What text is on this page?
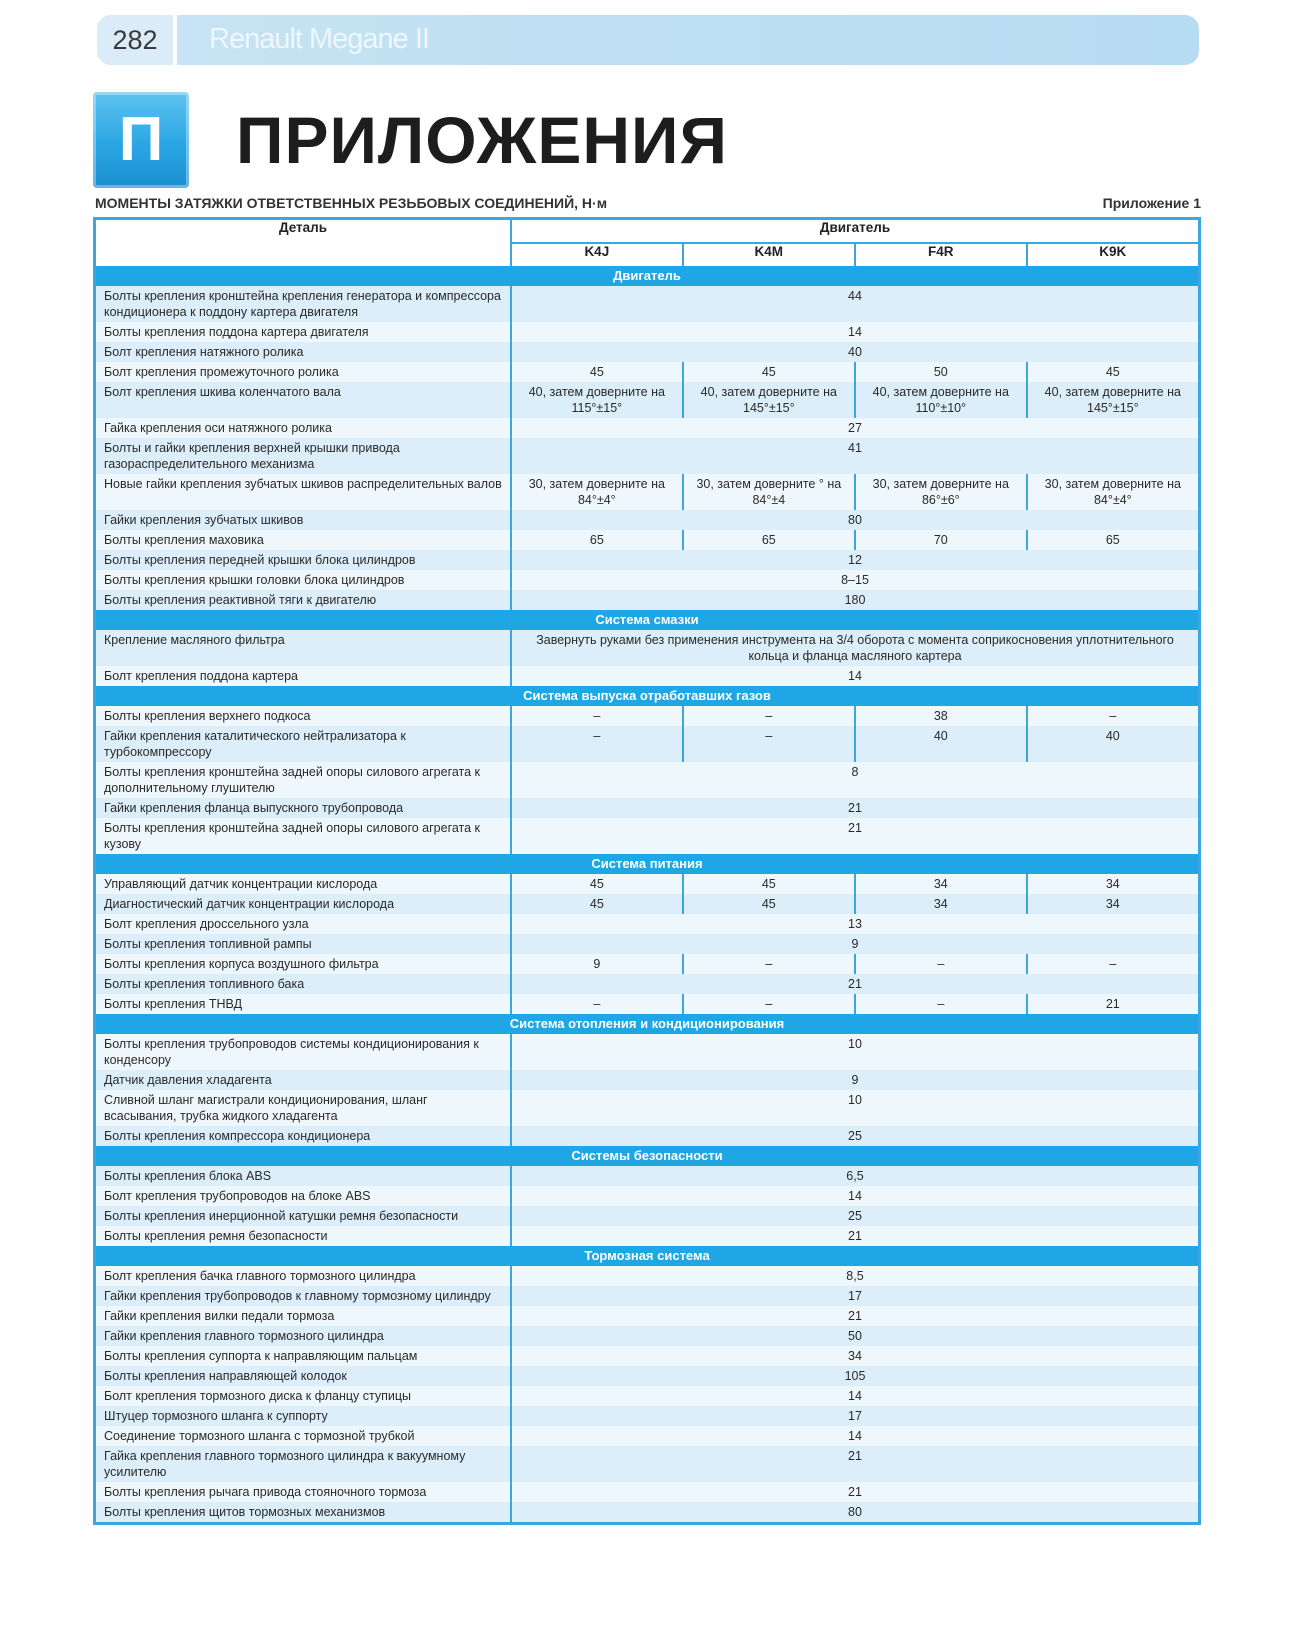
282	Renault Megane II
П ПРИЛОЖЕНИЯ
МОМЕНТЫ ЗАТЯЖКИ ОТВЕТСТВЕННЫХ РЕЗЬБОВЫХ СОЕДИНЕНИЙ, Н·м	Приложение 1
Деталь	Двигатель			
	K4J	K4M	F4R	K9K
Двигатель				
Болты крепления кронштейна крепления генератора и компрессора кондиционера к поддону картера двигателя	44			
Болты крепления поддона картера двигателя	14			
Болт крепления натяжного ролика	40			
Болт крепления промежуточного ролика	45	45	50	45
Болт крепления шкива коленчатого вала	40, затем доверните на 115°±15°	40, затем доверните на 145°±15°	40, затем доверните на 110°±10°	40, затем доверните на 145°±15°
Гайка крепления оси натяжного ролика	27			
Болты и гайки крепления верхней крышки привода газораспределительного механизма	41			
Новые гайки крепления зубчатых шкивов распределительных валов	30, затем доверните на 84°±4°	30, затем доверните ° на 84°±4	30, затем доверните на 86°±6°	30, затем доверните на 84°±4°
Гайки крепления зубчатых шкивов	80			
Болты крепления маховика	65	65	70	65
Болты крепления передней крышки блока цилиндров	12			
Болты крепления крышки головки блока цилиндров	8–15			
Болты крепления реактивной тяги к двигателю	180			
Система смазки				
Крепление масляного фильтра	Завернуть руками без применения инструмента на 3/4 оборота с момента соприкосновения уплотнительного кольца и фланца масляного картера			
Болт крепления поддона картера	14			
Система выпуска отработавших газов				
Болты крепления верхнего подкоса	–	–	38	–
Гайки крепления каталитического нейтрализатора к турбокомпрессору	–	–	40	40
Болты крепления кронштейна задней опоры силового агрегата к дополнительному глушителю	8			
Гайки крепления фланца выпускного трубопровода	21			
Болты крепления кронштейна задней опоры силового агрегата к кузову	21			
Система питания				
Управляющий датчик концентрации кислорода	45	45	34	34
Диагностический датчик концентрации кислорода	45	45	34	34
Болт крепления дроссельного узла	13			
Болты крепления топливной рампы	9			
Болты крепления корпуса воздушного фильтра	9	–	–	–
Болты крепления топливного бака	21			
Болты крепления ТНВД	–	–	–	21
Система отопления и кондиционирования				
Болты крепления трубопроводов системы кондиционирования к конденсору	10			
Датчик давления хладагента	9			
Сливной шланг магистрали кондиционирования, шланг всасывания, трубка жидкого хладагента	10			
Болты крепления компрессора кондиционера	25			
Системы безопасности				
Болты крепления блока ABS	6,5			
Болт крепления трубопроводов на блоке ABS	14			
Болты крепления инерционной катушки ремня безопасности	25			
Болты крепления ремня безопасности	21			
Тормозная система				
Болт крепления бачка главного тормозного цилиндра	8,5			
Гайки крепления трубопроводов к главному тормозному цилиндру	17			
Гайки крепления вилки педали тормоза	21			
Гайки крепления главного тормозного цилиндра	50			
Болты крепления суппорта к направляющим пальцам	34			
Болты крепления направляющей колодок	105			
Болт крепления тормозного диска к фланцу ступицы	14			
Штуцер тормозного шланга к суппорту	17			
Соединение тормозного шланга с тормозной трубкой	14			
Гайка крепления главного тормозного цилиндра к вакуумному усилителю	21			
Болты крепления рычага привода стояночного тормоза	21			
Болты крепления щитов тормозных механизмов	80			
